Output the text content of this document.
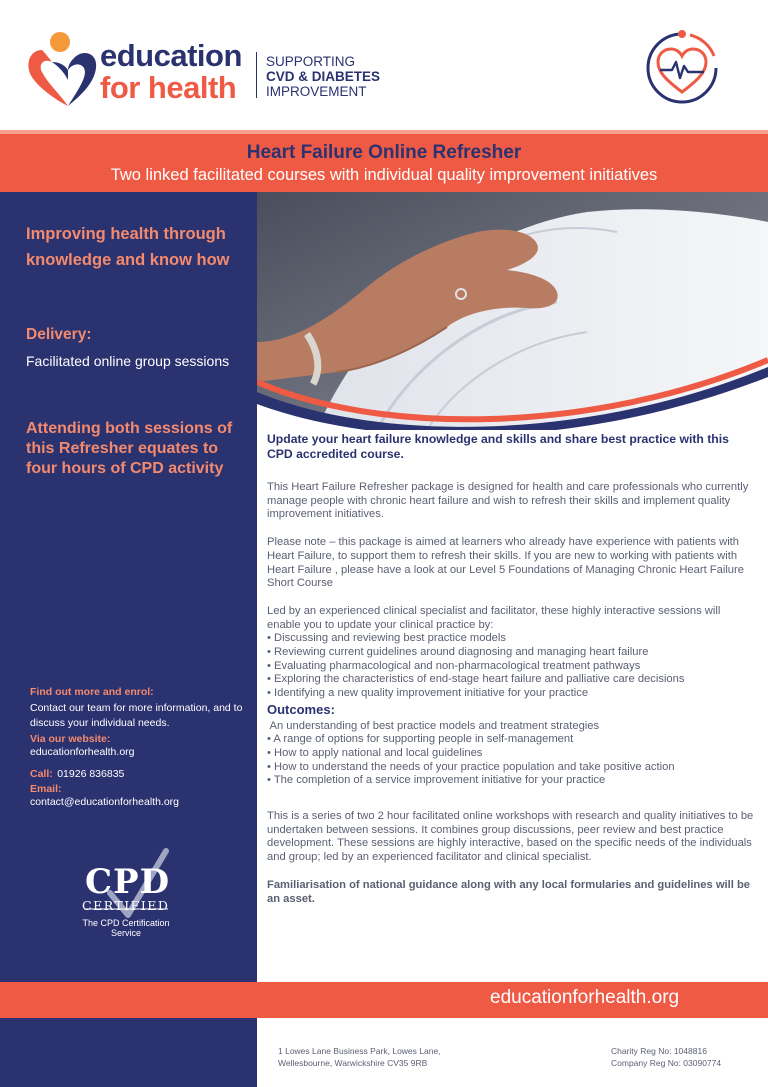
education
for health
SUPPORTING
CVD & DIABETES
IMPROVEMENT
Heart Failure Online Refresher
Two linked facilitated courses with individual quality improvement initiatives
Improving health through knowledge and know how
Delivery:
Facilitated online group sessions
Attending both sessions of this Refresher equates to four hours of CPD activity
Find out more and enrol:
Contact our team for more information, and to discuss your individual needs.
Via our website:
educationforhealth.org
Call: 01926 836835
Email:
contact@educationforhealth.org
CPD
CERTIFIED
The CPD Certification
Service

Update your heart failure knowledge and skills and share best practice with this CPD accredited course.

This Heart Failure Refresher package is designed for health and care professionals who currently manage people with chronic heart failure and wish to refresh their skills and implement quality improvement initiatives.

Please note – this package is aimed at learners who already have experience with patients with Heart Failure, to support them to refresh their skills. If you are new to working with patients with Heart Failure , please have a look at our Level 5 Foundations of Managing Chronic Heart Failure Short Course

Led by an experienced clinical specialist and facilitator, these highly interactive sessions will enable you to update your clinical practice by:

• Discussing and reviewing best practice models
• Reviewing current guidelines around diagnosing and managing heart failure
• Evaluating pharmacological and non-pharmacological treatment pathways
• Exploring the characteristics of end-stage heart failure and palliative care decisions
• Identifying a new quality improvement initiative for your practice

Outcomes:

An understanding of best practice models and treatment strategies

• A range of options for supporting people in self-management
• How to apply national and local guidelines
• How to understand the needs of your practice population and take positive action
• The completion of a service improvement initiative for your practice

This is a series of two 2 hour facilitated online workshops with research and quality initiatives to be undertaken between sessions. It combines group discussions, peer review and best practice development. These sessions are highly interactive, based on the specific needs of the individuals and group; led by an experienced facilitator and clinical specialist.

Familiarisation of national guidance along with any local formularies and guidelines will be an asset.

educationforhealth.org
1 Lowes Lane Business Park, Lowes Lane,
Wellesbourne, Warwickshire CV35 9RB
Charity Reg No: 1048816
Company Reg No: 03090774
